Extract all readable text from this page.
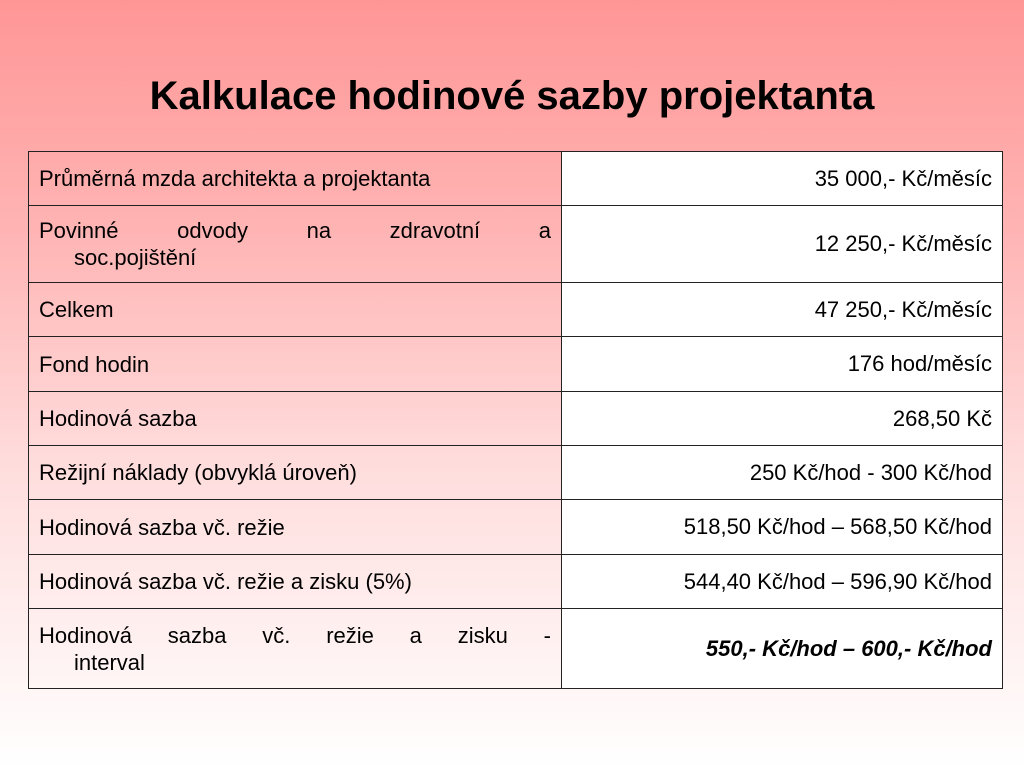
Kalkulace hodinové sazby projektanta
Průměrná mzda architekta a projektanta	35 000,- Kč/měsíc

Povinné odvody na zdravotní a
soc.pojištění	12 250,- Kč/měsíc
Celkem	47 250,- Kč/měsíc
Fond hodin	176 hod/měsíc
Hodinová sazba	268,50 Kč
Režijní náklady (obvyklá úroveň)	250 Kč/hod - 300 Kč/hod
Hodinová sazba vč. režie	518,50 Kč/hod – 568,50 Kč/hod
Hodinová sazba vč. režie a zisku (5%)	544,40 Kč/hod – 596,90 Kč/hod

Hodinová sazba vč. režie a zisku -
interval	550,- Kč/hod – 600,- Kč/hod
